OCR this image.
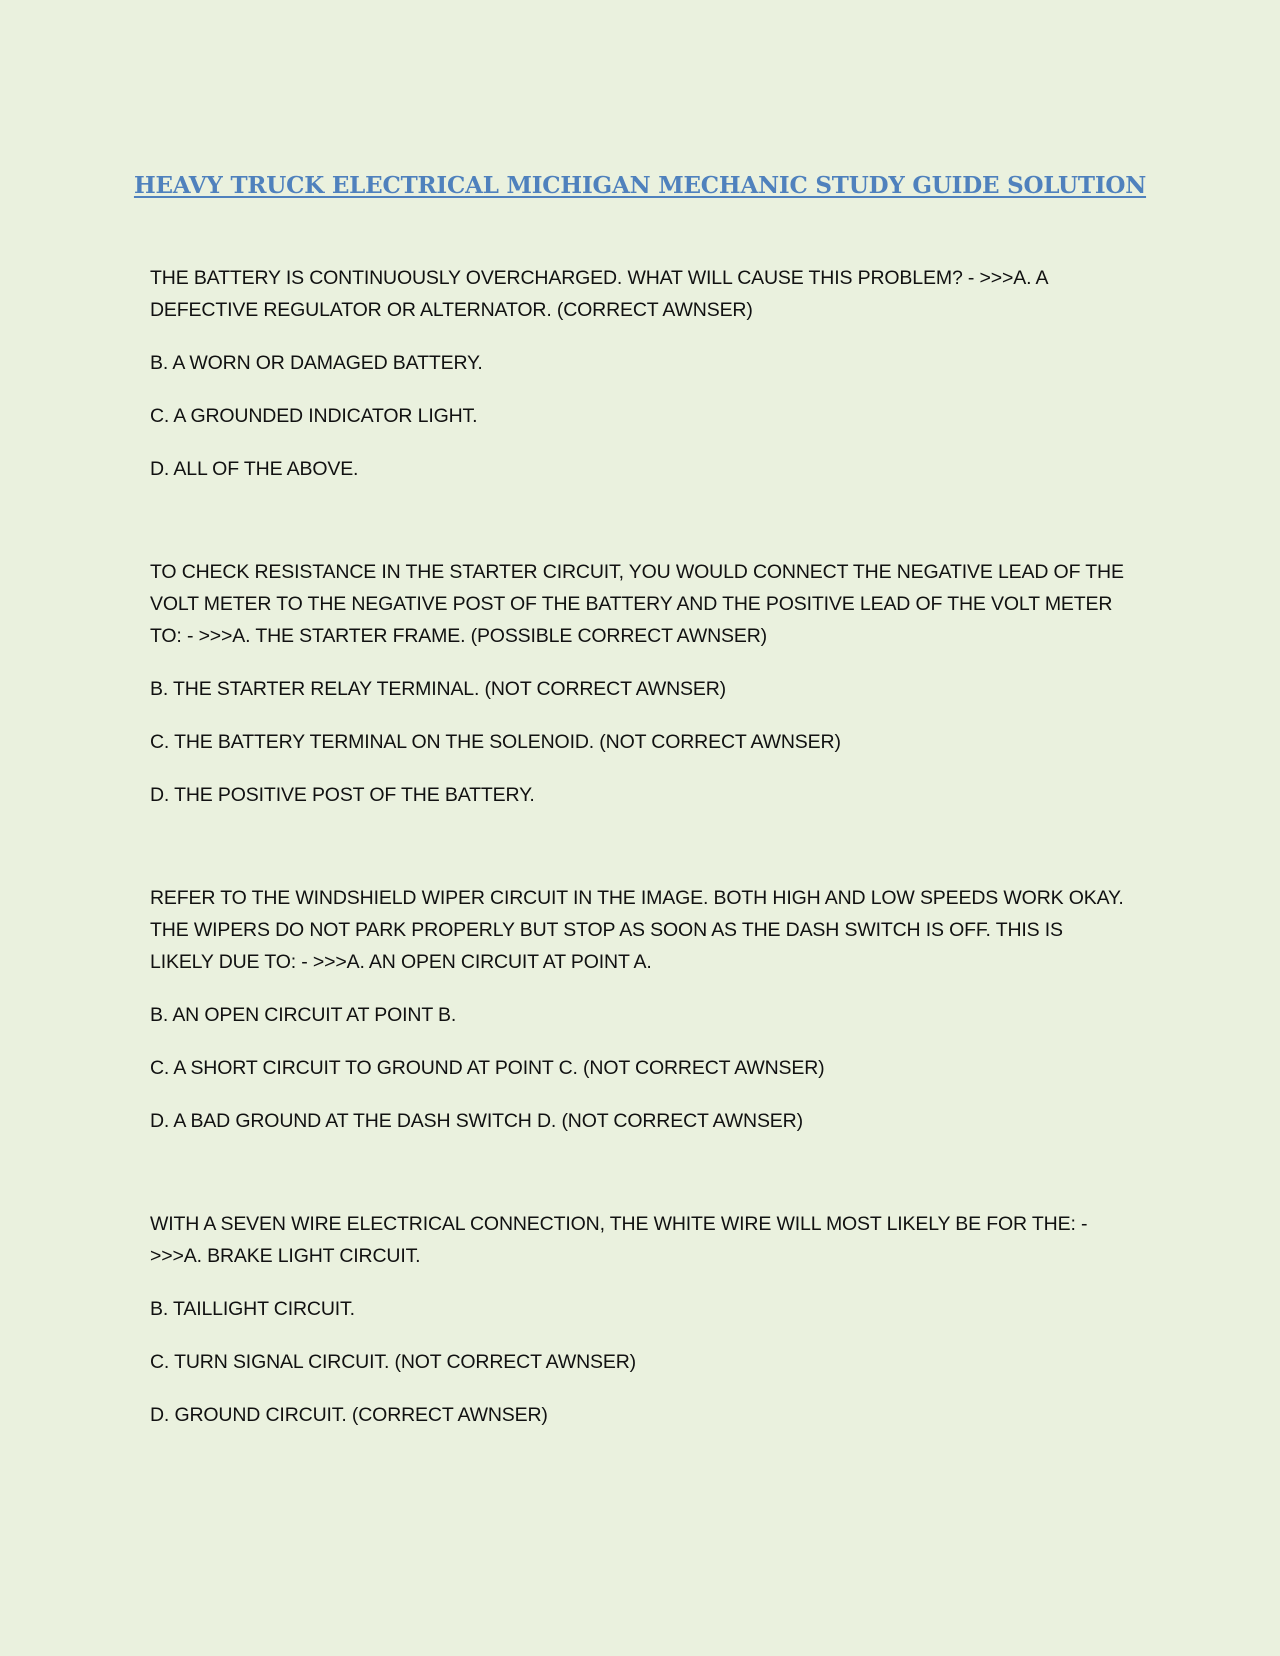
HEAVY TRUCK ELECTRICAL MICHIGAN MECHANIC STUDY GUIDE SOLUTION

THE BATTERY IS CONTINUOUSLY OVERCHARGED. WHAT WILL CAUSE THIS PROBLEM? - >>>A. A DEFECTIVE REGULATOR OR ALTERNATOR. (CORRECT AWNSER)

B. A WORN OR DAMAGED BATTERY.

C. A GROUNDED INDICATOR LIGHT.

D. ALL OF THE ABOVE.

TO CHECK RESISTANCE IN THE STARTER CIRCUIT, YOU WOULD CONNECT THE NEGATIVE LEAD OF THE VOLT METER TO THE NEGATIVE POST OF THE BATTERY AND THE POSITIVE LEAD OF THE VOLT METER TO: - >>>A. THE STARTER FRAME. (POSSIBLE CORRECT AWNSER)

B. THE STARTER RELAY TERMINAL. (NOT CORRECT AWNSER)

C. THE BATTERY TERMINAL ON THE SOLENOID. (NOT CORRECT AWNSER)

D. THE POSITIVE POST OF THE BATTERY.

REFER TO THE WINDSHIELD WIPER CIRCUIT IN THE IMAGE. BOTH HIGH AND LOW SPEEDS WORK OKAY. THE WIPERS DO NOT PARK PROPERLY BUT STOP AS SOON AS THE DASH SWITCH IS OFF. THIS IS LIKELY DUE TO: - >>>A. AN OPEN CIRCUIT AT POINT A.

B. AN OPEN CIRCUIT AT POINT B.

C. A SHORT CIRCUIT TO GROUND AT POINT C. (NOT CORRECT AWNSER)

D. A BAD GROUND AT THE DASH SWITCH D. (NOT CORRECT AWNSER)

WITH A SEVEN WIRE ELECTRICAL CONNECTION, THE WHITE WIRE WILL MOST LIKELY BE FOR THE: - >>>A. BRAKE LIGHT CIRCUIT.

B. TAILLIGHT CIRCUIT.

C. TURN SIGNAL CIRCUIT. (NOT CORRECT AWNSER)

D. GROUND CIRCUIT. (CORRECT AWNSER)
